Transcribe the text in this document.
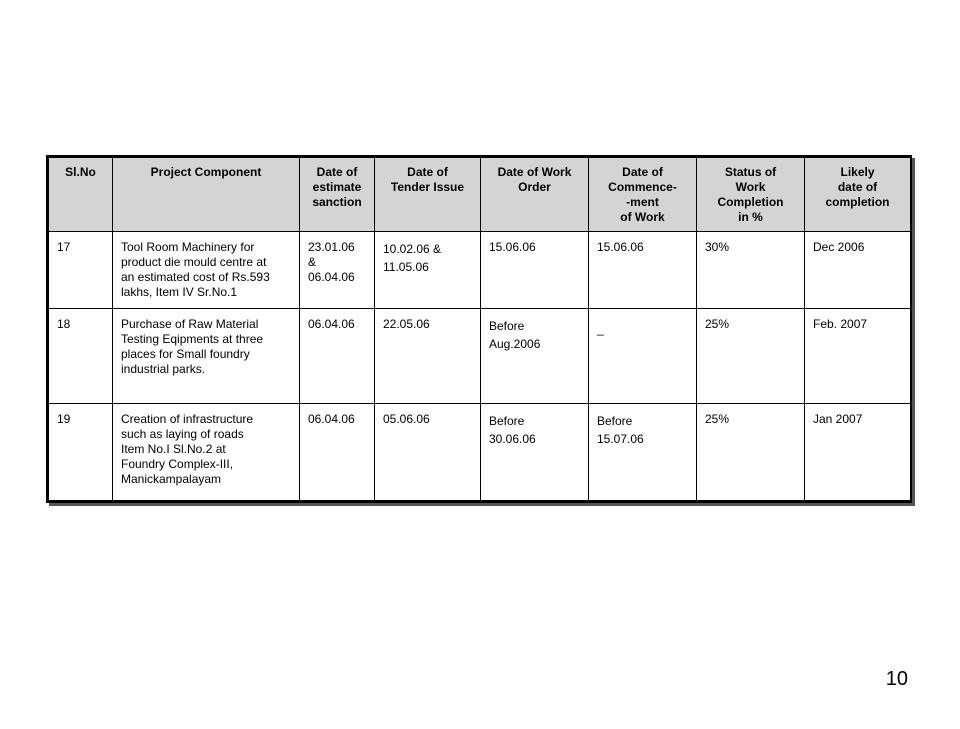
Sl.No	Project Component	Date of
estimate
sanction	Date of
Tender Issue	Date of Work
Order	Date of
Commence-
-ment
of Work	Status of
Work
Completion
in %	Likely
date of
completion

17	Tool Room Machinery for
product die mould centre at
an estimated cost of Rs.593
lakhs, Item IV Sr.No.1	23.01.06
&
06.04.06	10.02.06 &
11.05.06	15.06.06	15.06.06	30%	Dec 2006
18	Purchase of Raw Material
Testing Eqipments at three
places for Small foundry
industrial parks.	06.04.06	22.05.06	Before
Aug.2006	_	25%	Feb. 2007
19	Creation of infrastructure
such as laying of roads
Item No.I Sl.No.2 at
Foundry Complex-III,
Manickampalayam	06.04.06	05.06.06	Before
30.06.06	Before
15.07.06	25%	Jan 2007
10
